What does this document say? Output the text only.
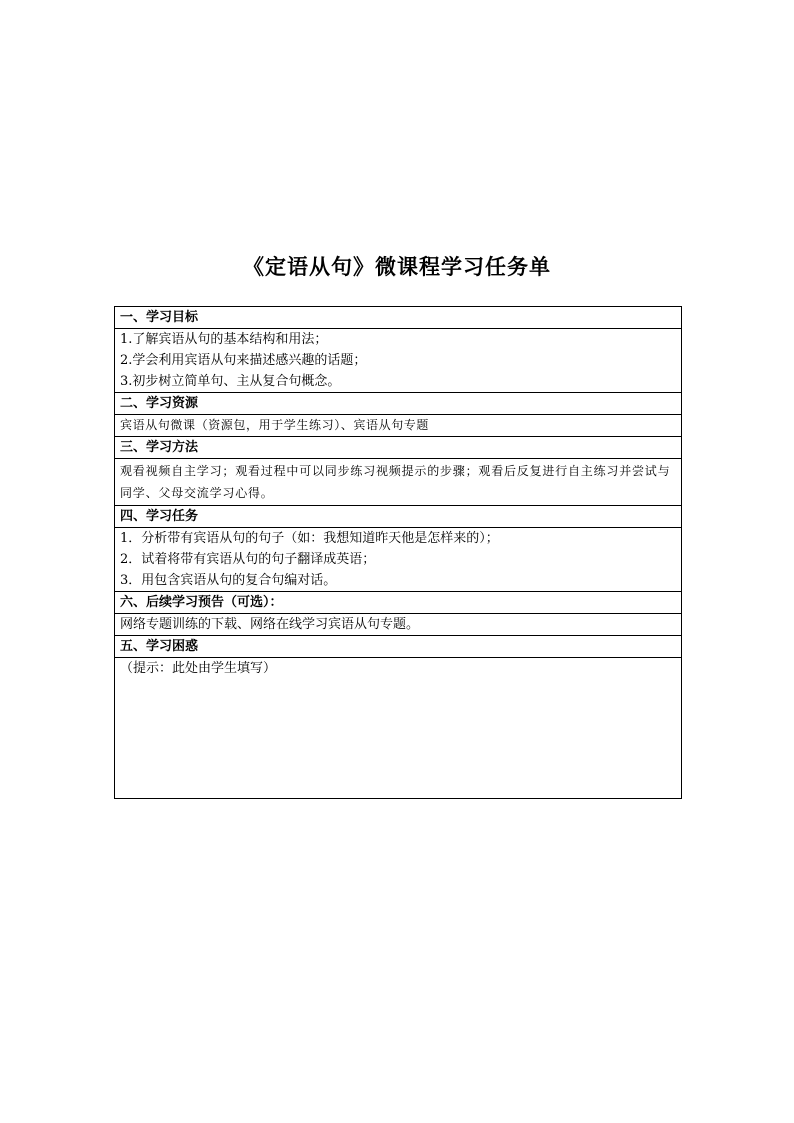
《定语从句》微课程学习任务单
一、学习目标

1.了解宾语从句的基本结构和用法；
2.学会利用宾语从句来描述感兴趣的话题；
3.初步树立简单句、主从复合句概念。

二、学习资源

宾语从句微课（资源包，用于学生练习）、宾语从句专题

三、学习方法

观看视频自主学习；观看过程中可以同步练习视频提示的步骤；观看后反复进行自主练习并尝试与同学、父母交流学习心得。

四、学习任务

1．分析带有宾语从句的句子（如：我想知道昨天他是怎样来的）；
2．试着将带有宾语从句的句子翻译成英语；
3．用包含宾语从句的复合句编对话。

六、后续学习预告（可选）：

网络专题训练的下载、网络在线学习宾语从句专题。

五、学习困惑

（提示：此处由学生填写）
